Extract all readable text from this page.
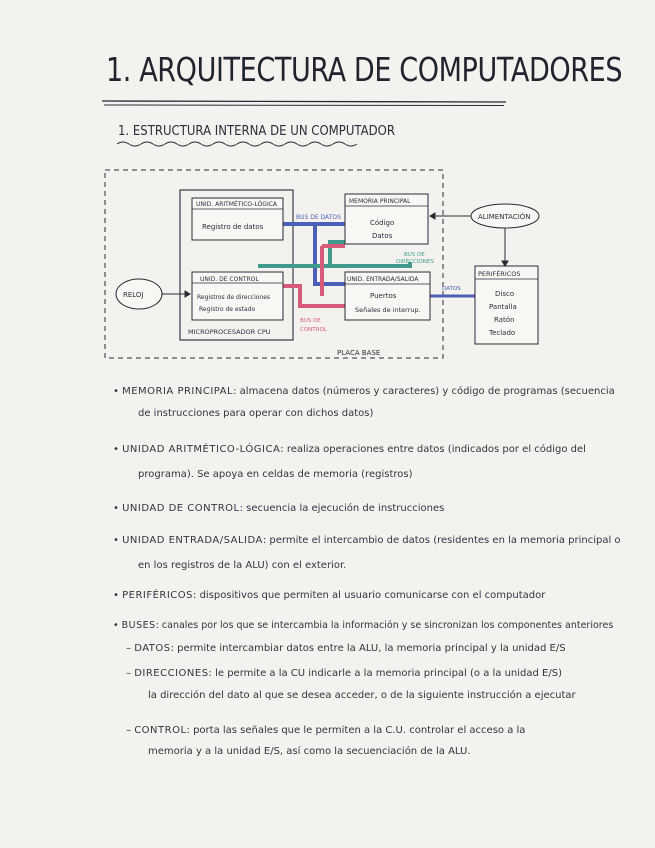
1. ARQUITECTURA DE COMPUTADORES
1. ESTRUCTURA INTERNA DE UN COMPUTADOR
UNID. ARITMÉTICO-LÓGICA
Registro de datos
UNID. DE CONTROL
Registros de direcciones
Registro de estado
MICROPROCESADOR CPU
MEMORIA PRINCIPAL
Código
Datos
UNID. ENTRADA/SALIDA
Puertos
Señales de interrup.
RELOJ
ALIMENTACIÓN
PERIFÉRICOS
Disco
Pantalla
Ratón
Teclado
BUS DE DATOS
BUS DE
DIRECCIONES
BUS DE
CONTROL
DATOS
PLACA BASE
• MEMORIA PRINCIPAL: almacena datos (números y caracteres) y código de programas (secuencia
de instrucciones para operar con dichos datos)
• UNIDAD ARITMÉTICO-LÓGICA: realiza operaciones entre datos (indicados por el código del
programa). Se apoya en celdas de memoria (registros)
• UNIDAD DE CONTROL: secuencia la ejecución de instrucciones
• UNIDAD ENTRADA/SALIDA: permite el intercambio de datos (residentes en la memoria principal o
en los registros de la ALU) con el exterior.
• PERIFÉRICOS: dispositivos que permiten al usuario comunicarse con el computador
• BUSES: canales por los que se intercambia la información y se sincronizan los componentes anteriores
– DATOS: permite intercambiar datos entre la ALU, la memoria principal y la unidad E/S
– DIRECCIONES: le permite a la CU indicarle a la memoria principal (o a la unidad E/S)
la dirección del dato al que se desea acceder, o de la siguiente instrucción a ejecutar
– CONTROL: porta las señales que le permiten a la C.U. controlar el acceso a la
memoria y a la unidad E/S, así como la secuenciación de la ALU.
